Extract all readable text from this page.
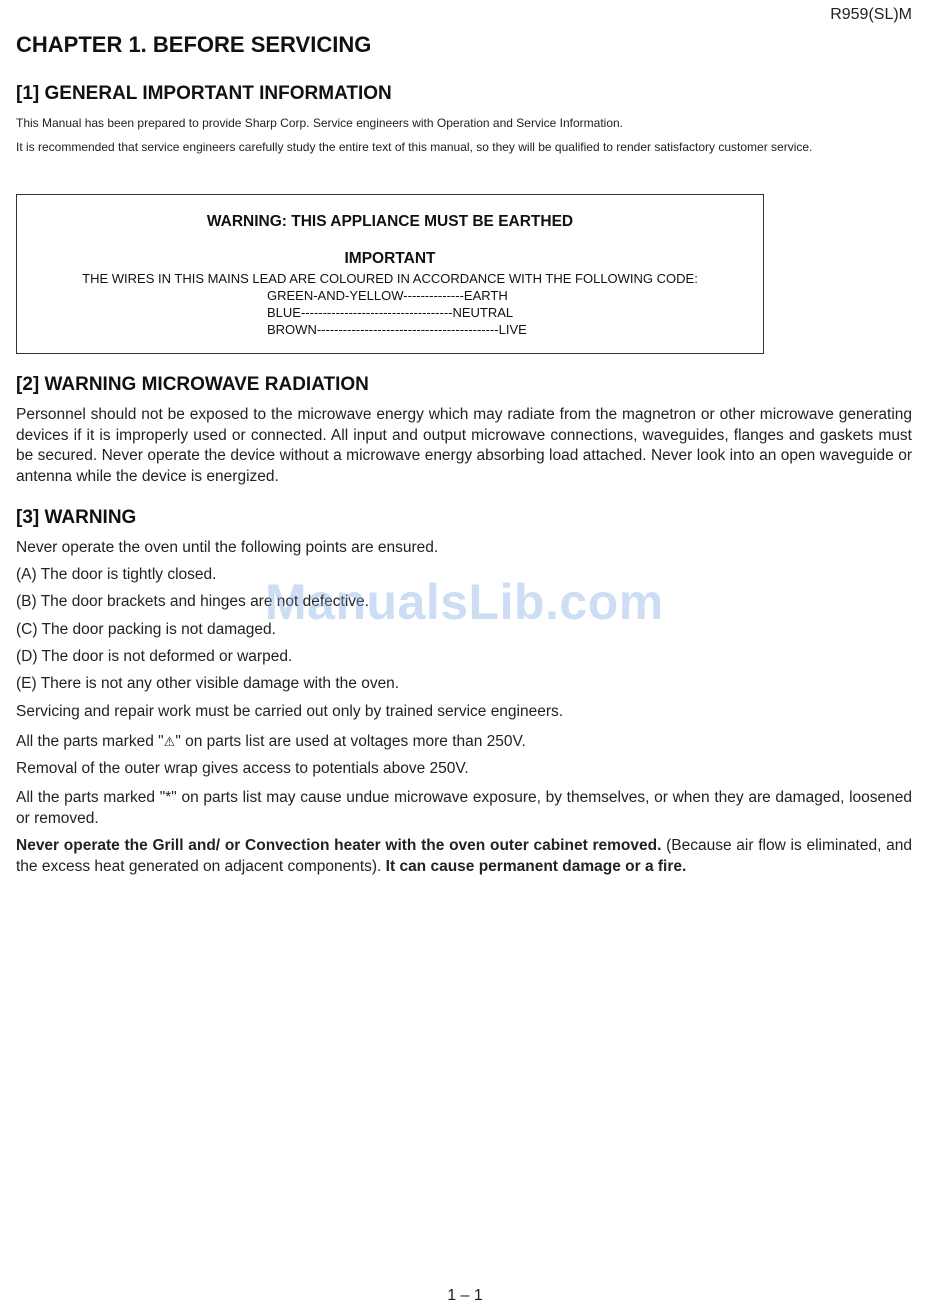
R959(SL)M
CHAPTER 1. BEFORE SERVICING
[1] GENERAL IMPORTANT INFORMATION

This Manual has been prepared to provide Sharp Corp. Service engineers with Operation and Service Information.

It is recommended that service engineers carefully study the entire text of this manual, so they will be qualified to render satisfactory customer service.

WARNING: THIS APPLIANCE MUST BE EARTHED
IMPORTANT
THE WIRES IN THIS MAINS LEAD ARE COLOURED IN ACCORDANCE WITH THE FOLLOWING CODE:
GREEN-AND-YELLOW--------------EARTH
BLUE-----------------------------------NEUTRAL
BROWN------------------------------------------LIVE
[2] WARNING MICROWAVE RADIATION

Personnel should not be exposed to the microwave energy which may radiate from the magnetron or other microwave generating devices if it is improperly used or connected. All input and output microwave connections, waveguides, flanges and gaskets must be secured. Never operate the device without a microwave energy absorbing load attached. Never look into an open waveguide or antenna while the device is energized.

[3] WARNING

Never operate the oven until the following points are ensured.

(A) The door is tightly closed.

(B) The door brackets and hinges are not defective.

(C) The door packing is not damaged.

(D) The door is not deformed or warped.

(E) There is not any other visible damage with the oven.

Servicing and repair work must be carried out only by trained service engineers.

All the parts marked "⚠" on parts list are used at voltages more than 250V.

Removal of the outer wrap gives access to potentials above 250V.

All the parts marked "*" on parts list may cause undue microwave exposure, by themselves, or when they are damaged, loosened or removed.

Never operate the Grill and/ or Convection heater with the oven outer cabinet removed. (Because air flow is eliminated, and the excess heat generated on adjacent components). It can cause permanent damage or a fire.

ManualsLib.com
1 – 1
